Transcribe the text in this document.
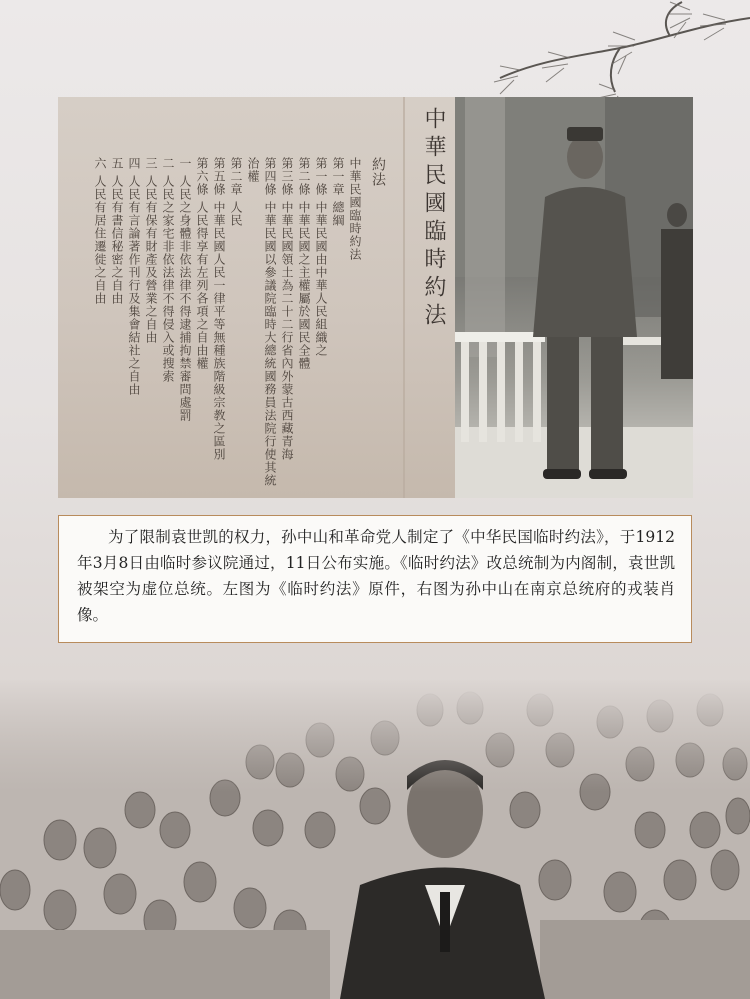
中華民國臨時約法
約法
中華民國臨時約法
第一章 總綱
第一條 中華民國由中華人民組織之
第二條 中華民國之主權屬於國民全體
第三條 中華民國領土為二十二行省內外蒙古西藏青海
第四條 中華民國以參議院臨時大總統國務員法院行使其統治權
第二章 人民
第五條 中華民國人民一律平等無種族階級宗教之區別
第六條 人民得享有左列各項之自由權
一 人民之身體非依法律不得逮捕拘禁審問處罰
二 人民之家宅非依法律不得侵入或搜索
三 人民有保有財產及營業之自由
四 人民有言論著作刊行及集會結社之自由
五 人民有書信秘密之自由
六 人民有居住遷徙之自由

为了限制袁世凯的权力，孙中山和革命党人制定了《中华民国临时约法》，于1912年3月8日由临时参议院通过，11日公布实施。《临时约法》改总统制为内阁制，袁世凯被架空为虚位总统。左图为《临时约法》原件，右图为孙中山在南京总统府的戎装肖像。
